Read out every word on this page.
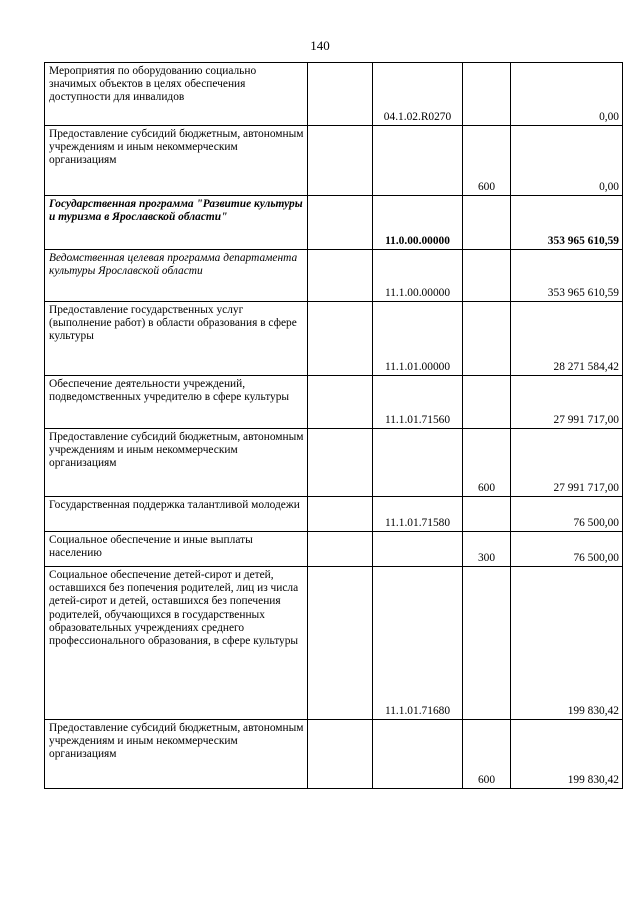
140
Мероприятия по оборудованию социально значимых объектов в целях обеспечения доступности для инвалидов		04.1.02.R0270		0,00
Предоставление субсидий бюджетным, автономным учреждениям и иным некоммерческим организациям			600	0,00
Государственная программа "Развитие культуры и туризма в Ярославской области"		11.0.00.00000		353 965 610,59
Ведомственная целевая программа департамента культуры Ярославской области		11.1.00.00000		353 965 610,59
Предоставление государственных услуг (выполнение работ) в области образования в сфере культуры		11.1.01.00000		28 271 584,42
Обеспечение деятельности учреждений, подведомственных учредителю в сфере культуры		11.1.01.71560		27 991 717,00
Предоставление субсидий бюджетным, автономным учреждениям и иным некоммерческим организациям			600	27 991 717,00
Государственная поддержка талантливой молодежи		11.1.01.71580		76 500,00
Социальное обеспечение и иные выплаты населению			300	76 500,00
Социальное обеспечение детей-сирот и детей, оставшихся без попечения родителей, лиц из числа детей-сирот и детей, оставшихся без попечения родителей, обучающихся в государственных образовательных учреждениях среднего профессионального образования, в сфере культуры		11.1.01.71680		199 830,42
Предоставление субсидий бюджетным, автономным учреждениям и иным некоммерческим организациям			600	199 830,42
